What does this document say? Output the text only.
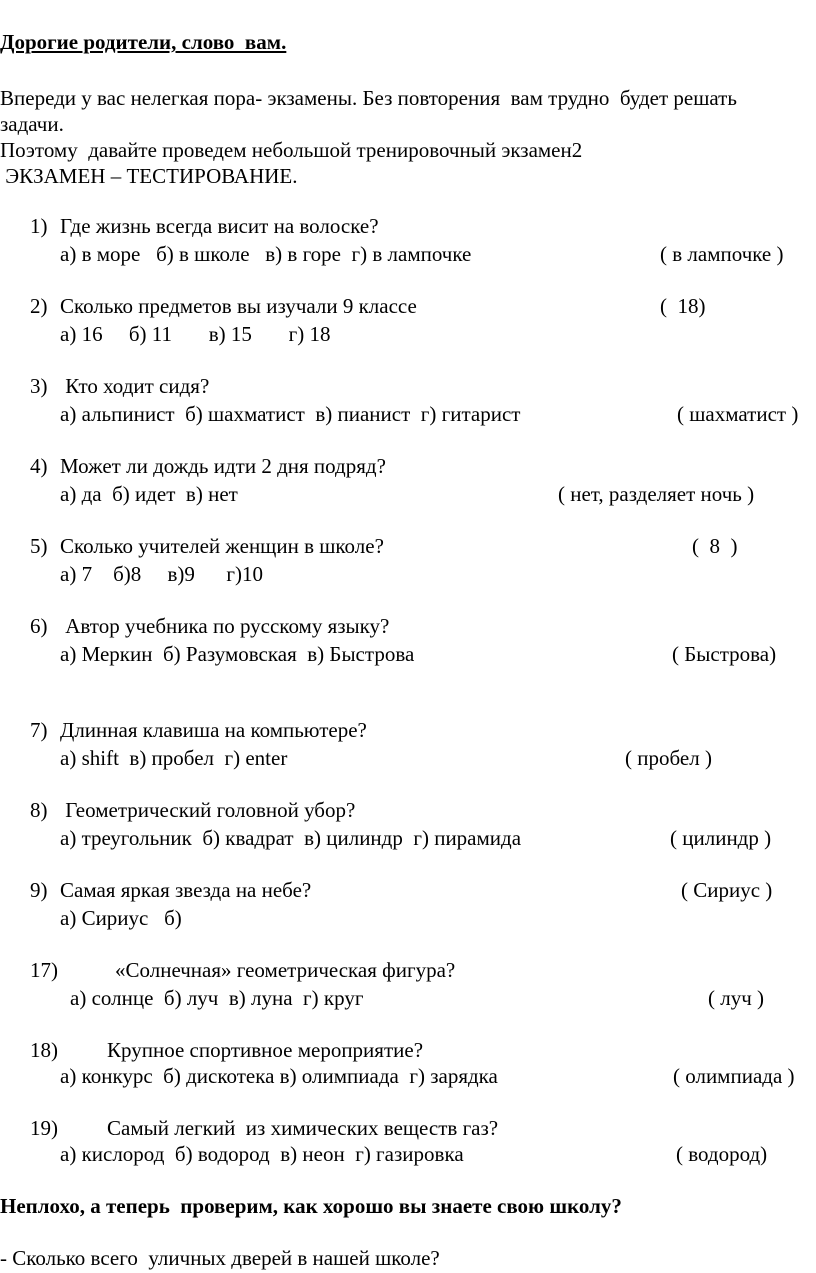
Дорогие родители, слово  вам.
Впереди у вас нелегкая пора- экзамены. Без повторения  вам трудно  будет решать
задачи.
Поэтому  давайте проведем небольшой тренировочный экзамен2
ЭКЗАМЕН – ТЕСТИРОВАНИЕ.
1) Где жизнь всегда висит на волоске?
а) в море   б) в школе   в) в горе  г) в лампочке	( в лампочке )
2) Сколько предметов вы изучали 9 классе
а) 16     б) 11       в) 15       г) 18
(  18)
3) Кто ходит сидя?
а) альпинист  б) шахматист  в) пианист  г) гитарист	( шахматист )
4) Может ли дождь идти 2 дня подряд?
а) да  б) идет  в) нет	( нет, разделяет ночь )
5) Сколько учителей женщин в школе?
а) 7    б)8     в)9      г)10
(  8  )
6) Автор учебника по русскому языку?
а) Меркин  б) Разумовская  в) Быстрова	( Быстрова)
7) Длинная клавиша на компьютере?
а) shift  в) пробел  г) enter	( пробел )
8) Геометрический головной убор?
а) треугольник  б) квадрат  в) цилиндр  г) пирамида	( цилиндр )
9) Самая яркая звезда на небе?
а) Сириус   б)
( Сириус )
17)	«Солнечная» геометрическая фигура?
а) солнце  б) луч  в) луна  г) круг	( луч )
18) Крупное спортивное мероприятие?
а) конкурс  б) дискотека в) олимпиада  г) зарядка	( олимпиада )
19) Самый легкий  из химических веществ газ?
а) кислород  б) водород  в) неон  г) газировка	( водород)
Неплохо, а теперь  проверим, как хорошо вы знаете свою школу?
- Сколько всего  уличных дверей в нашей школе?
